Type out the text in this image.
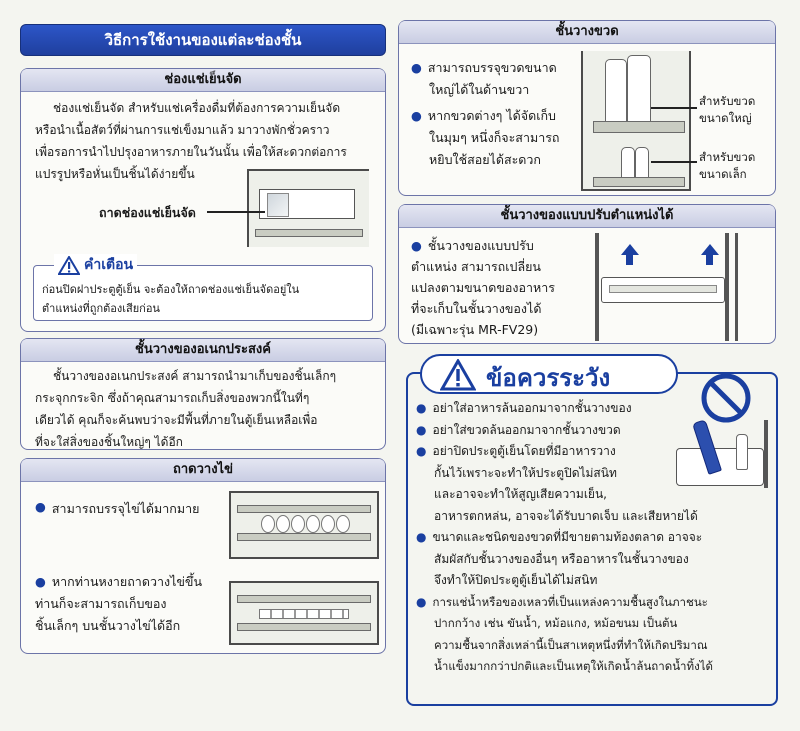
วิธีการใช้งานของแต่ละช่องชั้น
ช่องแช่เย็นจัด
ช่องแช่เย็นจัด สำหรับแช่เครื่องดื่มที่ต้องการความเย็นจัด
หรือนำเนื้อสัตว์ที่ผ่านการแช่เข็งมาแล้ว มาวางพักชั่วคราว
เพื่อรอการนำไปปรุงอาหารภายในวันนั้น เพื่อให้สะดวกต่อการ
แปรรูปหรือหั่นเป็นชิ้นได้ง่ายขึ้น
ถาดช่องแช่เย็นจัด
คำเตือน
ก่อนปิดฝาประตูตู้เย็น จะต้องให้ถาดช่องแช่เย็นจัดอยู่ใน
ตำแหน่งที่ถูกต้องเสียก่อน
ชั้นวางของอเนกประสงค์
ชั้นวางของอเนกประสงค์ สามารถนำมาเก็บของชิ้นเล็กๆ
กระจุกกระจิก ซึ่งถ้าคุณสามารถเก็บสิ่งของพวกนี้ในที่ๆ
เดียวได้ คุณก็จะค้นพบว่าจะมีพื้นที่ภายในตู้เย็นเหลือเพื่อ
ที่จะใส่สิ่งของชิ้นใหญ่ๆ ได้อีก
ถาดวางไข่
● สามารถบรรจุไข่ได้มากมาย
● หากท่านหงายถาดวางไข่ขึ้น
ท่านก็จะสามารถเก็บของ
ชิ้นเล็กๆ บนชั้นวางไข่ได้อีก
ชั้นวางขวด
● สามารถบรรจุขวดขนาด
ใหญ่ได้ในด้านขวา
● หากขวดต่างๆ ได้จัดเก็บ
ในมุมๆ หนึ่งก็จะสามารถ
หยิบใช้สอยได้สะดวก
สำหรับขวด
ขนาดใหญ่
สำหรับขวด
ขนาดเล็ก
ชั้นวางของแบบปรับตำแหน่งได้
● ชั้นวางของแบบปรับ
ตำแหน่ง สามารถเปลี่ยน
แปลงตามขนาดของอาหาร
ที่จะเก็บในชั้นวางของได้
(มีเฉพาะรุ่น MR-FV29)
ข้อควรระวัง
● อย่าใส่อาหารล้นออกมาจากชั้นวางของ
● อย่าใส่ขวดล้นออกมาจากชั้นวางขวด
● อย่าปิดประตูตู้เย็นโดยที่มีอาหารวาง
กั้นไว้เพราะจะทำให้ประตูปิดไม่สนิท
และอาจจะทำให้สูญเสียความเย็น,
อาหารตกหล่น, อาจจะได้รับบาดเจ็บ และเสียหายได้
● ขนาดและชนิดของขวดที่มีขายตามท้องตลาด อาจจะ
สัมผัสกับชั้นวางของอื่นๆ หรืออาหารในชั้นวางของ
จึงทำให้ปิดประตูตู้เย็นได้ไม่สนิท
● การแช่น้ำหรือของเหลวที่เป็นแหล่งความชื้นสูงในภาชนะ
ปากกว้าง เช่น ขันน้ำ, หม้อแกง, หม้อขนม เป็นต้น
ความชื้นจากสิ่งเหล่านี้เป็นสาเหตุหนึ่งที่ทำให้เกิดปริมาณ
น้ำแข็งมากกว่าปกติและเป็นเหตุให้เกิดน้ำล้นถาดน้ำทิ้งได้
